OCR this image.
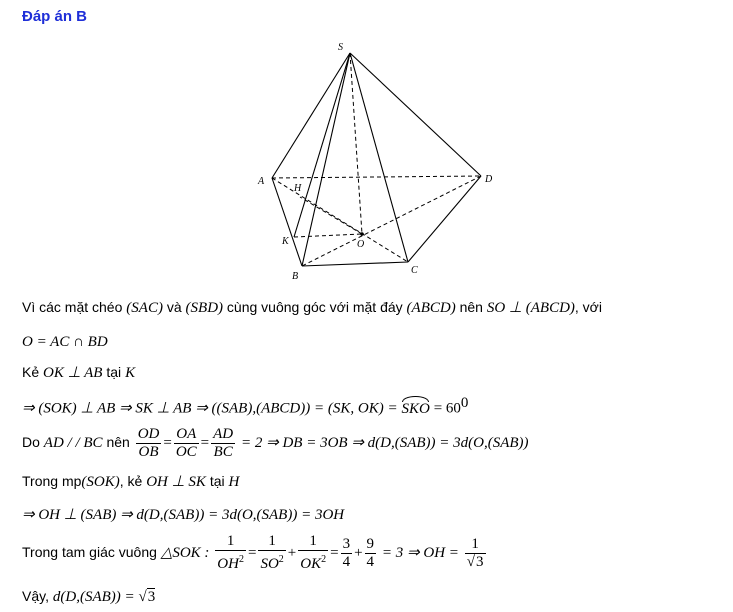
Đáp án B
S
A
B
C
D
O
H
K
Vì các mặt chéo (SAC) và (SBD) cùng vuông góc với mặt đáy (ABCD) nên SO ⊥ (ABCD), với
O = AC ∩ BD
Kẻ OK ⊥ AB tại K
⇒ (SOK) ⊥ AB ⇒ SK ⊥ AB ⇒ ((SAB),(ABCD)) = (SK, OK) = SKO = $60^0$
Do AD / / BC nên $\frac{OD}{OB} = \frac{OA}{OC} = \frac{AD}{BC} = 2$ ⇒ DB = 3OB ⇒ d(D,(SAB)) = 3d(O,(SAB))
Trong mp(SOK), kẻ OH ⊥ SK tại H
⇒ OH ⊥ (SAB) ⇒ d(D,(SAB)) = 3d(O,(SAB)) = 3OH
Trong tam giác vuông △SOK : $\frac{1}{OH^2} = \frac{1}{SO^2} + \frac{1}{OK^2} = \frac{3}{4} + \frac{9}{4} = 3$ ⇒ OH = $\frac{1}{√3}$
Vậy, d(D,(SAB)) = √3
